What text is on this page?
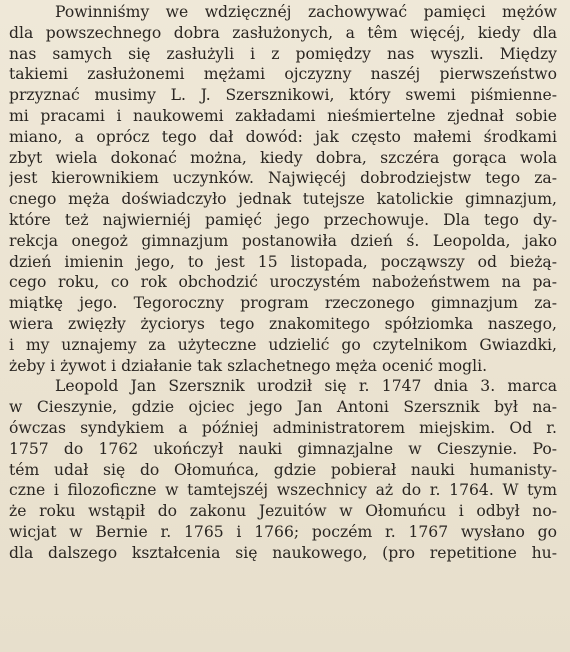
Powinniśmy we wdzięcznéj zachowywać pamięci mężów
dla powszechnego dobra zasłużonych, a têm więcéj, kiedy dla
nas samych się zasłużyli i z pomiędzy nas wyszli. Między
takiemi zasłużonemi mężami ojczyzny naszéj pierwszeństwo
przyznać musimy L. J. Szersznikowi, który swemi piśmienne-
mi pracami i naukowemi zakładami nieśmiertelne zjednał sobie
miano, a oprócz tego dał dowód: jak często małemi środkami
zbyt wiela dokonać można, kiedy dobra, szczéra gorąca wola
jest kierownikiem uczynków. Najwięcéj dobrodziejstw tego za-
cnego męża doświadczyło jednak tutejsze katolickie gimnazjum,
które też najwierniéj pamięć jego przechowuje. Dla tego dy-
rekcja onegoż gimnazjum postanowiła dzień ś. Leopolda, jako
dzień imienin jego, to jest 15 listopada, począwszy od bieżą-
cego roku, co rok obchodzić uroczystém nabożeństwem na pa-
miątkę jego. Tegoroczny program rzeczonego gimnazjum za-
wiera zwięzły życiorys tego znakomitego spółziomka naszego,
i my uznajemy za użyteczne udzielić go czytelnikom Gwiazdki,
żeby i żywot i działanie tak szlachetnego męża ocenić mogli.
Leopold Jan Szersznik urodził się r. 1747 dnia 3. marca
w Cieszynie, gdzie ojciec jego Jan Antoni Szersznik był na-
ówczas syndykiem a później administratorem miejskim. Od r.
1757 do 1762 ukończył nauki gimnazjalne w Cieszynie. Po-
tém udał się do Ołomuńca, gdzie pobierał nauki humanisty-
czne i filozoficzne w tamtejszéj wszechnicy aż do r. 1764. W tym
że roku wstąpił do zakonu Jezuitów w Ołomuńcu i odbył no-
wicjat w Bernie r. 1765 i 1766; poczém r. 1767 wysłano go
dla dalszego kształcenia się naukowego, (pro repetitione hu-
